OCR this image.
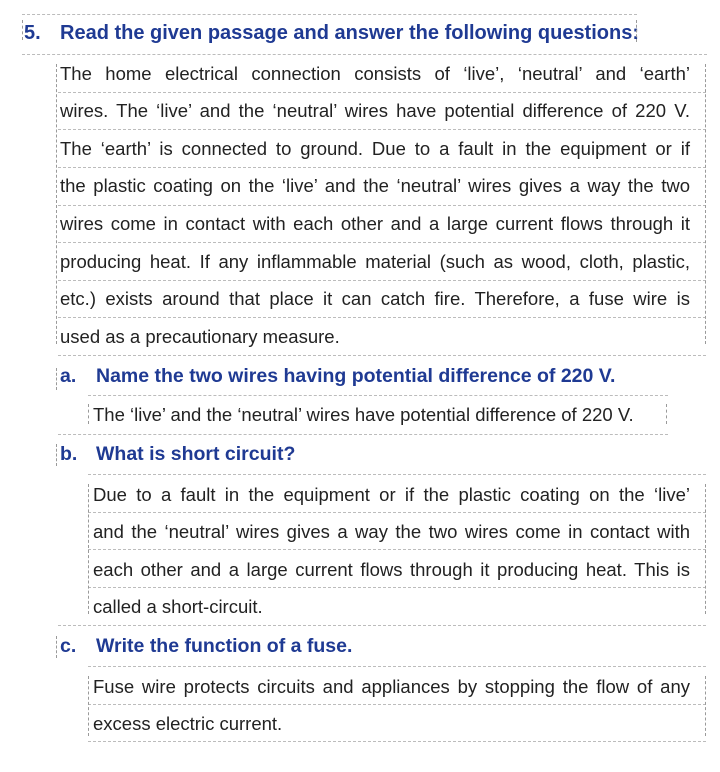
5. Read the given passage and answer the following questions:
The home electrical connection consists of ‘live’, ‘neutral’ and ‘earth’
wires. The ‘live’ and the ‘neutral’ wires have potential difference of 220 V.
The ‘earth’ is connected to ground. Due to a fault in the equipment or if
the plastic coating on the ‘live’ and the ‘neutral’ wires gives a way the two
wires come in contact with each other and a large current flows through it
producing heat. If any inflammable material (such as wood, cloth, plastic,
etc.) exists around that place it can catch fire. Therefore, a fuse wire is
used as a precautionary measure.
a. Name the two wires having potential difference of 220 V.
The ‘live’ and the ‘neutral’ wires have potential difference of 220 V.
b. What is short circuit?
Due to a fault in the equipment or if the plastic coating on the ‘live’
and the ‘neutral’ wires gives a way the two wires come in contact with
each other and a large current flows through it producing heat. This is
called a short-circuit.
c. Write the function of a fuse.
Fuse wire protects circuits and appliances by stopping the flow of any
excess electric current.
